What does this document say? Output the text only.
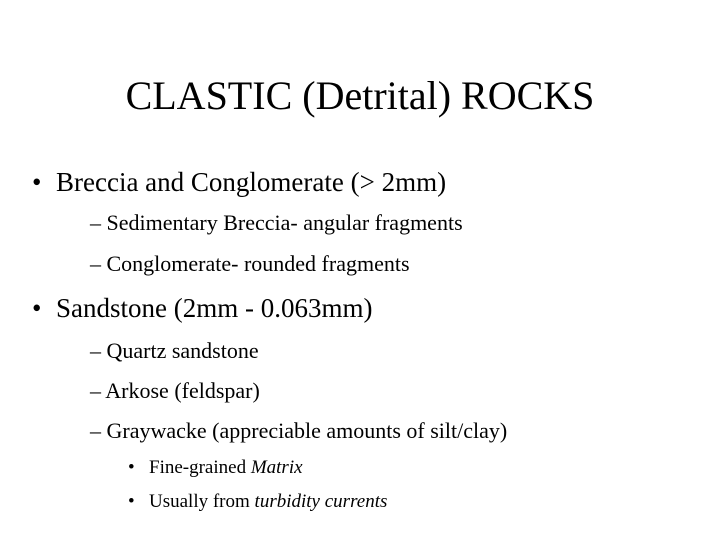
CLASTIC (Detrital) ROCKS
• Breccia and Conglomerate (> 2mm)
– Sedimentary Breccia- angular fragments
– Conglomerate- rounded fragments
• Sandstone (2mm - 0.063mm)
– Quartz sandstone
– Arkose (feldspar)
– Graywacke (appreciable amounts of silt/clay)
• Fine-grained Matrix
• Usually from turbidity currents
